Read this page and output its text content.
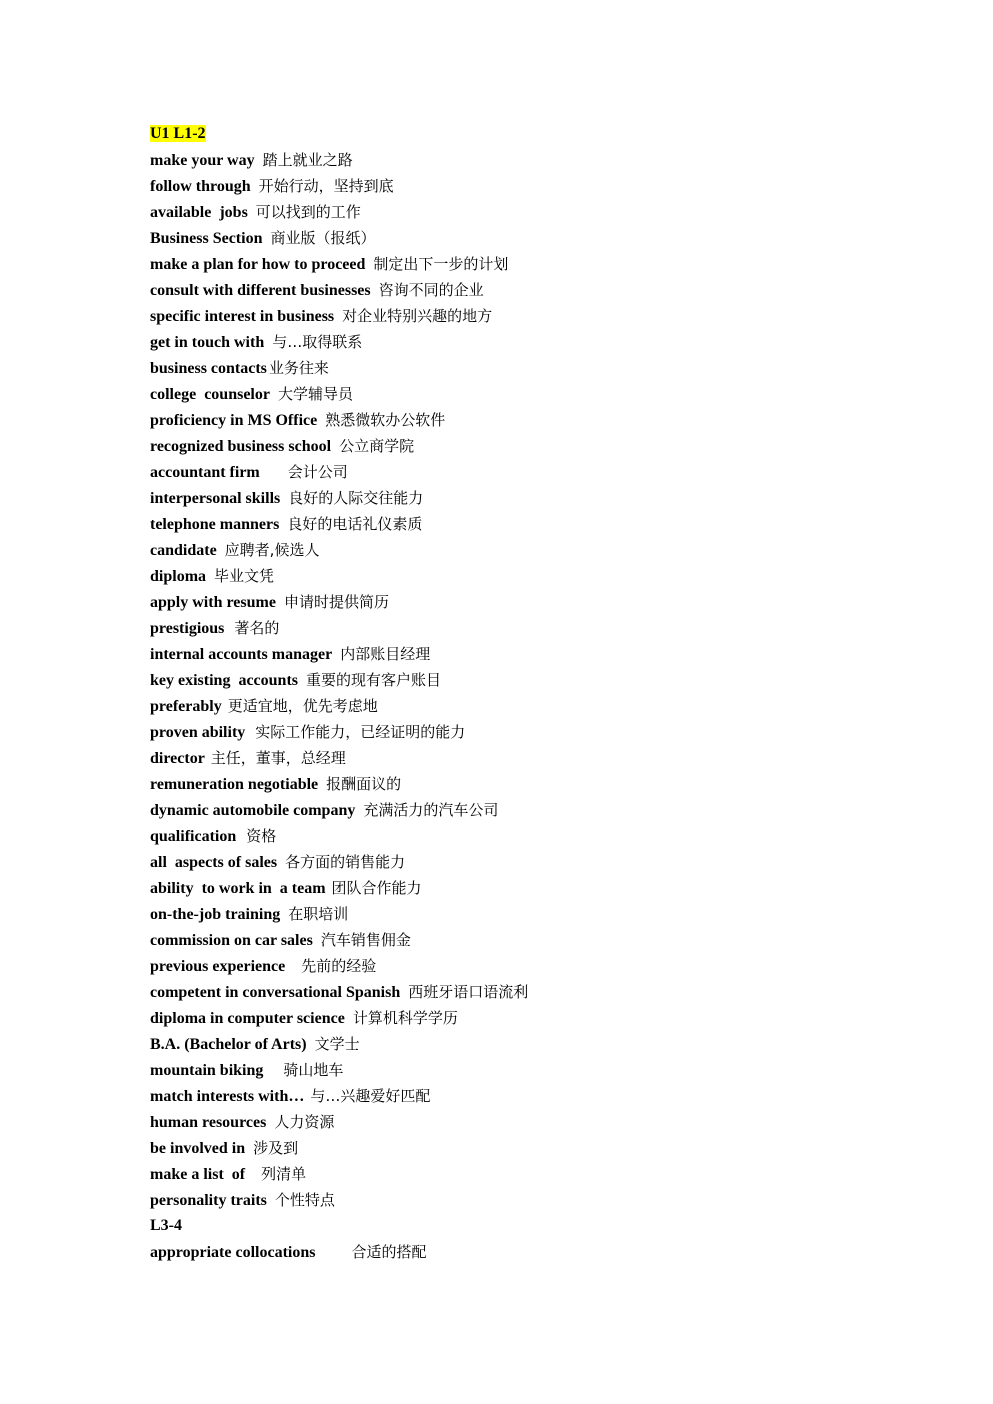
U1 L1-2
make your way 踏上就业之路
follow through 开始行动，坚持到底
available  jobs 可以找到的工作
Business Section 商业版（报纸）
make a plan for how to proceed 制定出下一步的计划
consult with different businesses 咨询不同的企业
specific interest in business 对企业特别兴趣的地方
get in touch with 与…取得联系
business contacts 业务往来
college  counselor 大学辅导员
proficiency in MS Office 熟悉微软办公软件
recognized business school 公立商学院
accountant firm 会计公司
interpersonal skills 良好的人际交往能力
telephone manners 良好的电话礼仪素质
candidate 应聘者,候选人
diploma 毕业文凭
apply with resume 申请时提供简历
prestigious 著名的
internal accounts manager 内部账目经理
key existing  accounts 重要的现有客户账目
preferably 更适宜地，优先考虑地
proven ability 实际工作能力，已经证明的能力
director 主任，董事，总经理
remuneration negotiable 报酬面议的
dynamic automobile company 充满活力的汽车公司
qualification 资格
all  aspects of sales 各方面的销售能力
ability  to work in  a team 团队合作能力
on-the-job training 在职培训
commission on car sales 汽车销售佣金
previous experience 先前的经验
competent in conversational Spanish 西班牙语口语流利
diploma in computer science 计算机科学学历
B.A. (Bachelor of Arts) 文学士
mountain biking 骑山地车
match interests with… 与…兴趣爱好匹配
human resources 人力资源
be involved in 涉及到
make a list  of 列清单
personality traits 个性特点
L3-4
appropriate collocations 合适的搭配
